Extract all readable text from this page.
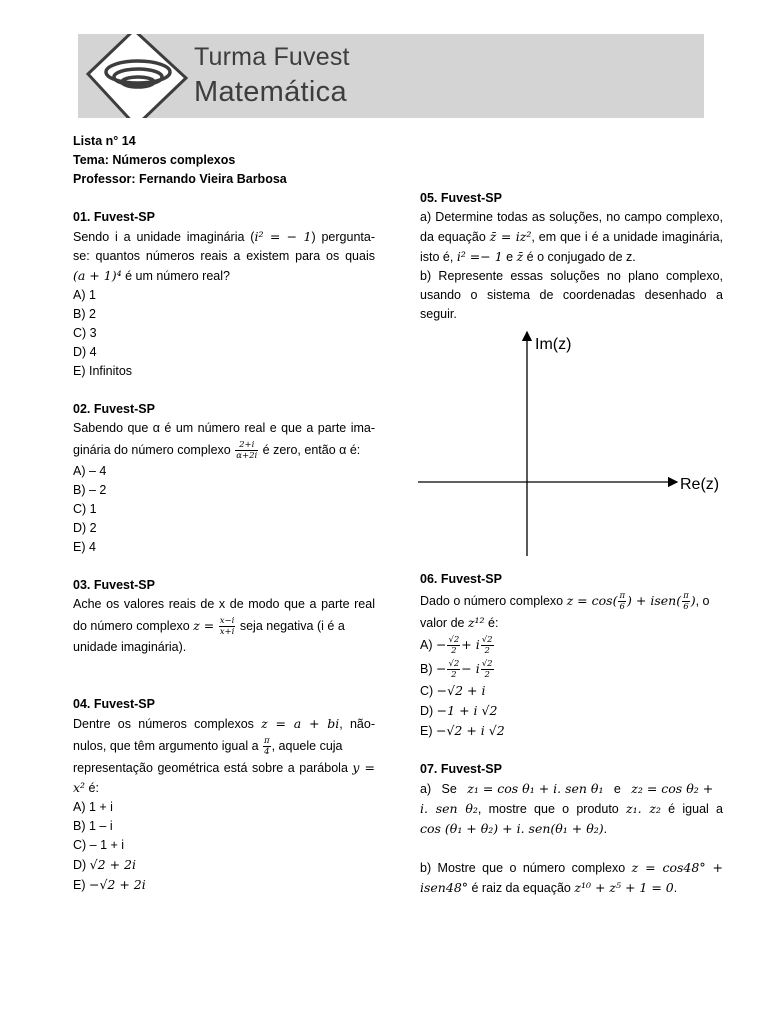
Turma Fuvest
Matemática
Lista n° 14
Tema: Números complexos
Professor: Fernando Vieira Barbosa
01. Fuvest-SP
Sendo i a unidade imaginária (i² = − 1) pergunta-
se: quantos números reais a existem para os quais
(a + 1)⁴ é um número real?
A) 1
B) 2
C) 3
D) 4
E) Infinitos
02. Fuvest-SP
Sabendo que α é um número real e que a parte ima-
ginária do número complexo $\frac{2+i}{\alpha+2i}$ é zero, então α é:
A) – 4
B) – 2
C) 1
D) 2
E) 4
03. Fuvest-SP
Ache os valores reais de x de modo que a parte real
do número complexo $z = \frac{x-i}{x+i}$ seja negativa (i é a
unidade imaginária).
04. Fuvest-SP
Dentre os números complexos z = a + bi, não-
nulos, que têm argumento igual a $\frac{\pi}{4}$ , aquele cuja
representação geométrica está sobre a parábola y =
x² é:
A) 1 + i
B) 1 – i
C) – 1 + i
D) √2 + 2i
E) −√2 + 2i
05. Fuvest-SP
a) Determine todas as soluções, no campo complexo,
da equação z̄ = iz², em que i é a unidade imaginária,
isto é, i² =− 1 e z̄ é o conjugado de z.
b) Represente essas soluções no plano complexo,
usando o sistema de coordenadas desenhado a
seguir.
Im(z)
Re(z)
06. Fuvest-SP
Dado o número complexo $z = \cos( \frac{\pi}{6}$ ) + isen( $\frac{\pi}{6}$ ), o
valor de z¹² é:
$A) - \frac{√2}{2} + i \frac{√2}{2}$
$B) - \frac{√2}{2} - i \frac{√2}{2}$
C) −√2 + i
D) −1 + i √2
E) −√2 + i √2
07. Fuvest-SP
a)   Se   z₁ = cos θ₁ + i. sen θ₁   e   z₂ = cos θ₂ +
i. sen θ₂, mostre que o produto z₁. z₂ é igual a
cos (θ₁ + θ₂) + i. sen(θ₁ + θ₂).
b) Mostre que o número complexo z = cos48° +
isen48° é raiz da equação z¹⁰ + z⁵ + 1 = 0.
